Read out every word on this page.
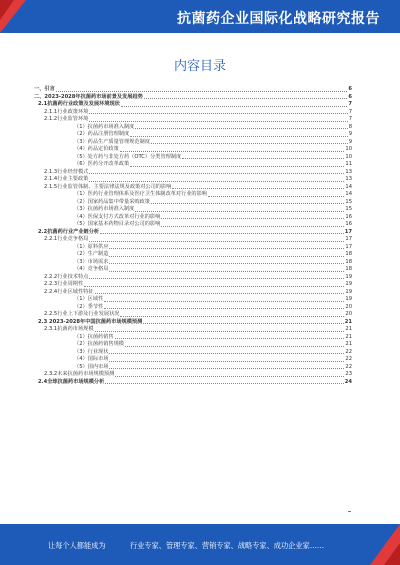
抗菌药企业国际化战略研究报告
内容目录
一、引言	6
二、2023-2028年抗菌药市场前景及发展趋势	6
2.1抗菌药行业政策及发展环境现状	7
2.1.1行业政策环境	7
2.1.2行业监管环境	7
（1）抗菌药市场准入制度	8
（2）药品注册管理制度	9
（3）药品生产质量管理规范制度	9
（4）药品定价政策	10
（5）处方药与非处方药（OTC）分类管理制度	10
（6）医药分开改革政策	11
2.1.3行业经营模式	13
2.1.4行业主要政策	13
2.1.5行业监管体制、主要法律法规及政策对公司的影响	14
（1）医药行业管理体系及医疗卫生体制改革对行业的影响	14
（2）国家药品集中带量采购政策	15
（3）抗菌药市场准入制度	15
（4）医保支付方式改革对行业的影响	16
（5）国家基本药物目录对公司的影响	16
2.2抗菌药行业产业链分析	17
2.2.1行业竞争格局	17
（1）原料供应	17
（2）生产制造	18
（3）市场需求	18
（4）竞争格局	18
2.2.2行业技术特点	19
2.2.3行业周期性	19
2.2.4行业区域性特征	19
（1）区域性	19
（2）季节性	20
2.2.5行业上下游及行业发展状况	20
2.3 2023-2028年中国抗菌药市场规模预测	21
2.3.1抗菌药市场规模	21
（1）抗菌药销售	21
（2）抗菌药销售规模	21
（3）行业现状	22
（4）国际市场	22
（5）国内市场	22
2.3.2未来抗菌药市场规模预测	23
2.4全球抗菌药市场规模分析	24
让每个人都能成为	行业专家、管理专家、营销专家、战略专家、成功企业家……
